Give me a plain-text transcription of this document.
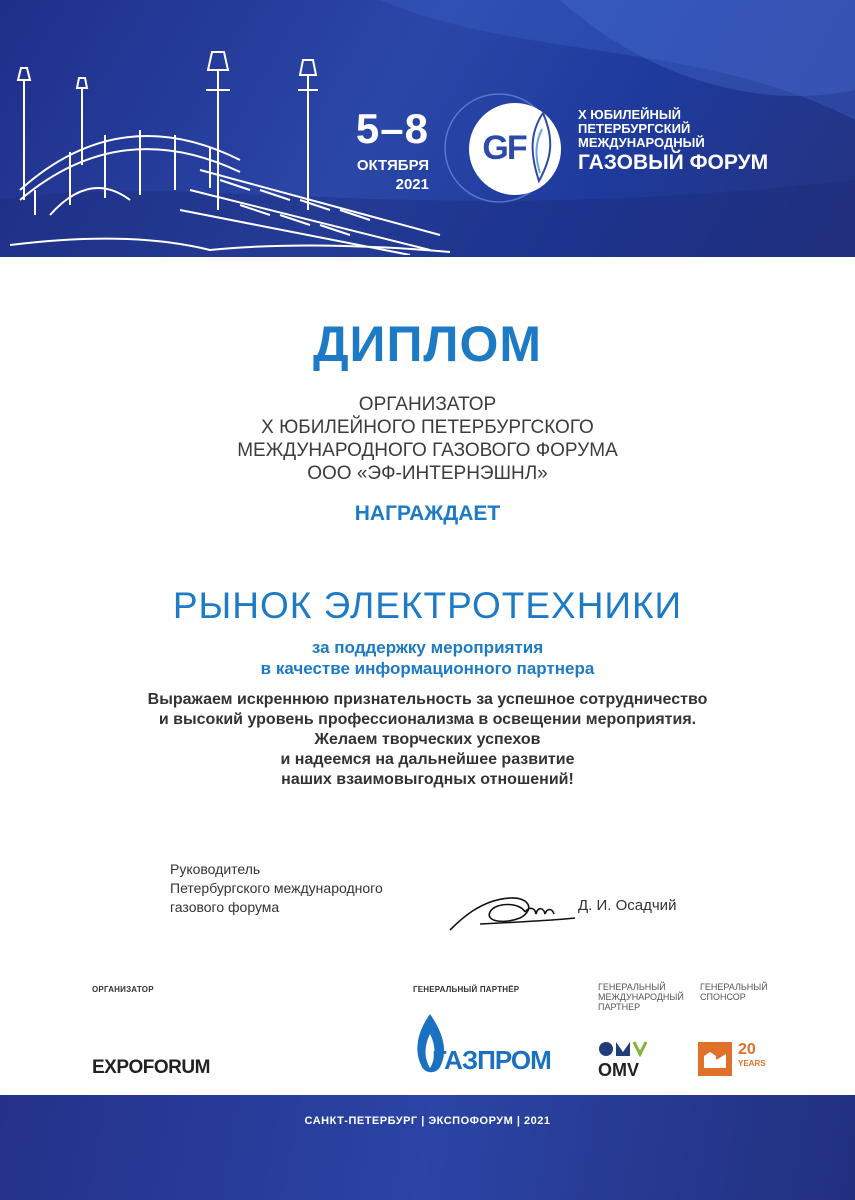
5–8
ОКТЯБРЯ
2021
GF
X ЮБИЛЕЙНЫЙ
ПЕТЕРБУРГСКИЙ
МЕЖДУНАРОДНЫЙ
ГАЗОВЫЙ ФОРУМ
ДИПЛОМ
ОРГАНИЗАТОР
X ЮБИЛЕЙНОГО ПЕТЕРБУРГСКОГО
МЕЖДУНАРОДНОГО ГАЗОВОГО ФОРУМА
ООО «ЭФ-ИНТЕРНЭШНЛ»
НАГРАЖДАЕТ
РЫНОК ЭЛЕКТРОТЕХНИКИ
за поддержку мероприятия
в качестве информационного партнера
Выражаем искреннюю признательность за успешное сотрудничество
и высокий уровень профессионализма в освещении мероприятия.
Желаем творческих успехов
и надеемся на дальнейшее развитие
наших взаимовыгодных отношений!
Руководитель
Петербургского международного
газового форума	Д. И. Осадчий
ОРГАНИЗАТОР
EXPOFORUM
ГЕНЕРАЛЬНЫЙ ПАРТНЁР
ГАЗПРОМ
ГЕНЕРАЛЬНЫЙ
МЕЖДУНАРОДНЫЙ
ПАРТНЕР
OMV
ГЕНЕРАЛЬНЫЙ
СПОНСОР
20
YEARS
САНКТ-ПЕТЕРБУРГ | ЭКСПОФОРУМ | 2021
